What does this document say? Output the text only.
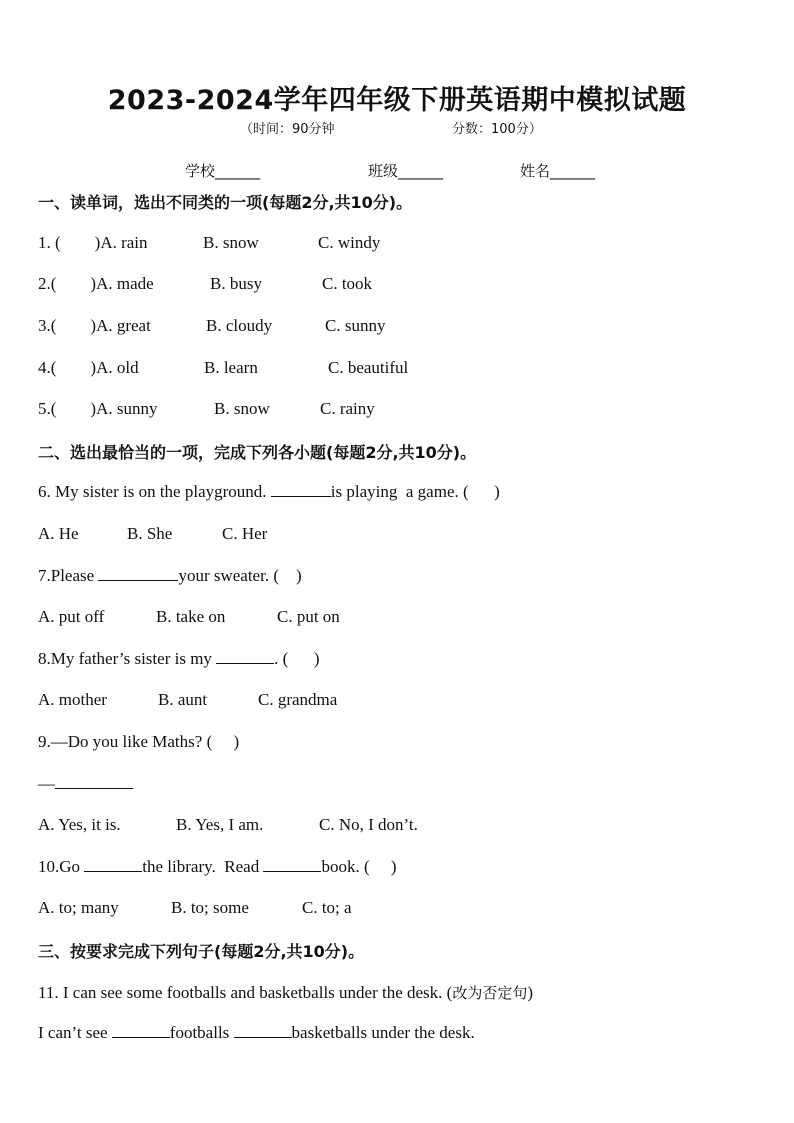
2023-2024学年四年级下册英语期中模拟试题
（时间：90分钟	分数：100分）
学校______	班级______	姓名______
一、读单词，选出不同类的一项(每题2分,共10分)。
1. (        )A. rain	B. snow	C. windy
2.(        )A. made	B. busy	C. took
3.(        )A. great	B. cloudy	C. sunny
4.(        )A. old	B. learn	C. beautiful
5.(        )A. sunny	B. snow	C. rainy
二、选出最恰当的一项，完成下列各小题(每题2分,共10分)。
6. My sister is on the playground.	is playing  a game. (      )
A. He	B. She	C. Her
7.Please	your sweater. (    )
A. put off	B. take on	C. put on
8.My father’s sister is my	. (      )
A. mother	B. aunt	C. grandma
9.—Do you like Maths? (     )
—
A. Yes, it is.	B. Yes, I am.	C. No, I don’t.
10.Go	the library.  Read	book. (     )
A. to; many	B. to; some	C. to; a
三、按要求完成下列句子(每题2分,共10分)。
11. I can see some footballs and basketballs under the desk. (改为否定句)
I can’t see	footballs	basketballs under the desk.
